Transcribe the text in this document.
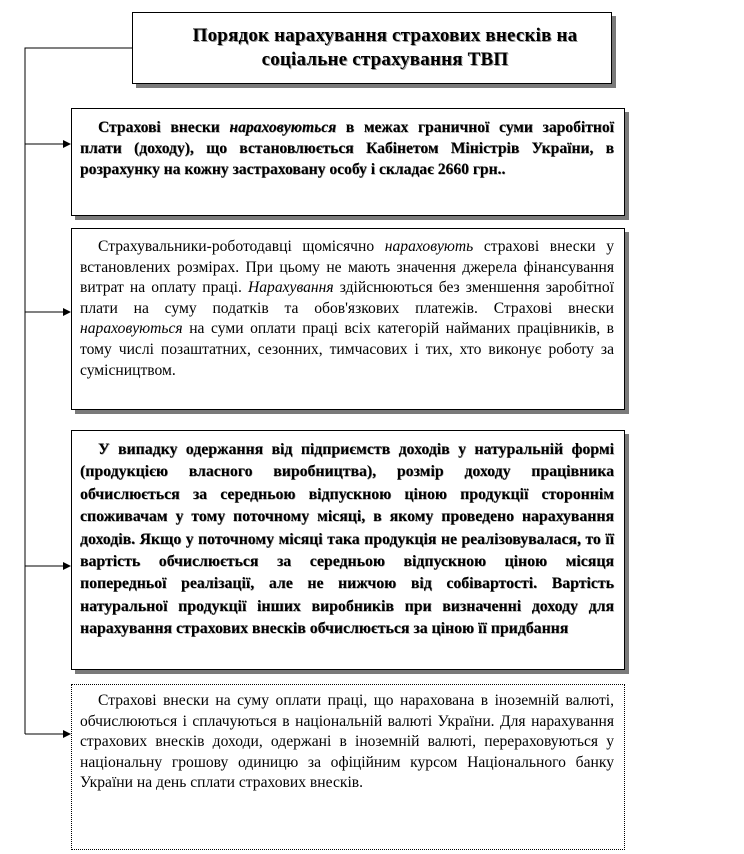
Порядок нарахування страхових внесків на
соціальне страхування ТВП

Страхові внески нараховуються в межах граничної суми заробітної плати (доходу), що встановлюється Кабінетом Міністрів України, в розрахунку на кожну застраховану особу і складає 2660 грн..

Страхувальники-роботодавці щомісячно нараховують страхові внески у встановлених розмірах. При цьому не мають значення джерела фінансування витрат на оплату праці. Нарахування здійснюються без зменшення заробітної плати на суму податків та обов'язкових платежів. Страхові внески нараховуються на суми оплати праці всіх категорій найманих працівників, в тому числі позаштатних, сезонних, тимчасових і тих, хто виконує роботу за сумісництвом.

У випадку одержання від підприємств доходів у натуральній формі (продукцією власного виробництва), розмір доходу працівника обчислюється за середньою відпускною ціною продукції стороннім споживачам у тому поточному місяці, в якому проведено нарахування доходів. Якщо у поточному місяці така продукція не реалізовувалася, то її вартість обчислюється за середньою відпускною ціною місяця попередньої реалізації, але не нижчою від собівартості. Вартість натуральної продукції інших виробників при визначенні доходу для нарахування страхових внесків обчислюється за ціною її придбання

Страхові внески на суму оплати праці, що нарахована в іноземній валюті, обчислюються і сплачуються в національній валюті України. Для нарахування страхових внесків доходи, одержані в іноземній валюті, перераховуються у національну грошову одиницю за офіційним курсом Національного банку України на день сплати страхових внесків.
